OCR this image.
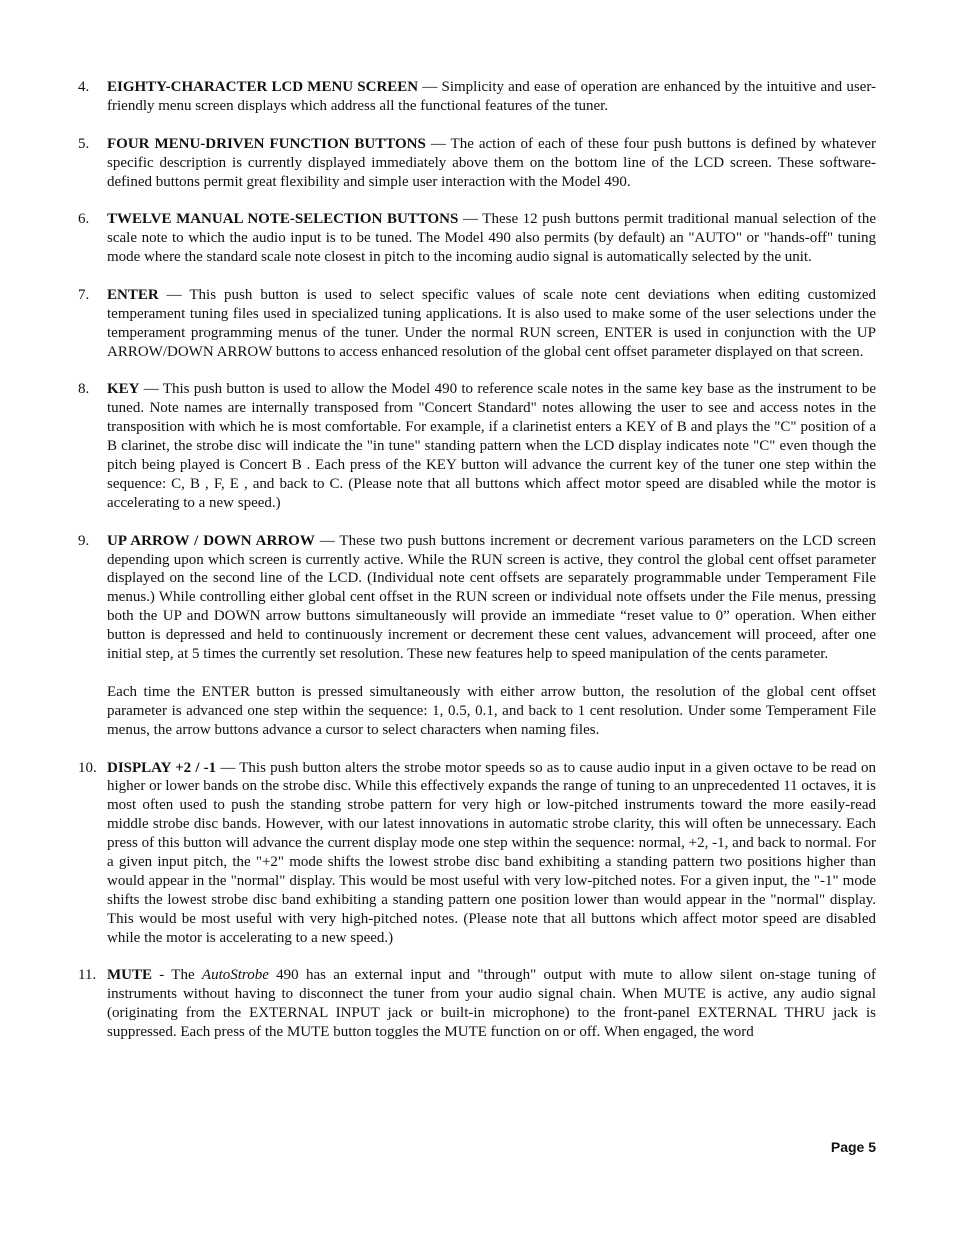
4.	EIGHTY-CHARACTER LCD MENU SCREEN — Simplicity and ease of operation are enhanced by the intuitive and user-friendly menu screen displays which address all the functional features of the tuner.

5.	FOUR MENU-DRIVEN FUNCTION BUTTONS — The action of each of these four push buttons is defined by whatever specific description is currently displayed immediately above them on the bottom line of the LCD screen. These software-defined buttons permit great flexibility and simple user interaction with the Model 490.

6.	TWELVE MANUAL NOTE-SELECTION BUTTONS — These 12 push buttons permit traditional manual selection of the scale note to which the audio input is to be tuned. The Model 490 also permits (by default) an "AUTO" or "hands-off" tuning mode where the standard scale note closest in pitch to the incoming audio signal is automatically selected by the unit.

7.	ENTER — This push button is used to select specific values of scale note cent deviations when editing customized temperament tuning files used in specialized tuning applications. It is also used to make some of the user selections under the temperament programming menus of the tuner. Under the normal RUN screen, ENTER is used in conjunction with the UP ARROW/DOWN ARROW buttons to access enhanced resolution of the global cent offset parameter displayed on that screen.

8.	KEY — This push button is used to allow the Model 490 to reference scale notes in the same key base as the instrument to be tuned. Note names are internally transposed from "Concert Standard" notes allowing the user to see and access notes in the transposition with which he is most comfortable. For example, if a clarinetist enters a KEY of B and plays the "C" position of a B clarinet, the strobe disc will indicate the "in tune" standing pattern when the LCD display indicates note "C" even though the pitch being played is Concert B . Each press of the KEY button will advance the current key of the tuner one step within the sequence: C, B , F, E , and back to C. (Please note that all buttons which affect motor speed are disabled while the motor is accelerating to a new speed.)

9.	UP ARROW / DOWN ARROW — These two push buttons increment or decrement various parameters on the LCD screen depending upon which screen is currently active. While the RUN screen is active, they control the global cent offset parameter displayed on the second line of the LCD. (Individual note cent offsets are separately programmable under Temperament File menus.) While controlling either global cent offset in the RUN screen or individual note offsets under the File menus, pressing both the UP and DOWN arrow buttons simultaneously will provide an immediate “reset value to 0” operation. When either button is depressed and held to continuously increment or decrement these cent values, advancement will proceed, after one initial step, at 5 times the currently set resolution. These new features help to speed manipulation of the cents parameter.

Each time the ENTER button is pressed simultaneously with either arrow button, the resolution of the global cent offset parameter is advanced one step within the sequence: 1, 0.5, 0.1, and back to 1 cent resolution. Under some Temperament File menus, the arrow buttons advance a cursor to select characters when naming files.

10. DISPLAY +2 / -1 — This push button alters the strobe motor speeds so as to cause audio input in a given octave to be read on higher or lower bands on the strobe disc. While this effectively expands the range of tuning to an unprecedented 11 octaves, it is most often used to push the standing strobe pattern for very high or low-pitched instruments toward the more easily-read middle strobe disc bands. However, with our latest innovations in automatic strobe clarity, this will often be unnecessary. Each press of this button will advance the current display mode one step within the sequence: normal, +2, -1, and back to normal. For a given input pitch, the "+2" mode shifts the lowest strobe disc band exhibiting a standing pattern two positions higher than would appear in the "normal" display. This would be most useful with very low-pitched notes. For a given input, the "-1" mode shifts the lowest strobe disc band exhibiting a standing pattern one position lower than would appear in the "normal" display. This would be most useful with very high-pitched notes. (Please note that all buttons which affect motor speed are disabled while the motor is accelerating to a new speed.)

11. MUTE - The AutoStrobe 490 has an external input and "through" output with mute to allow silent on-stage tuning of instruments without having to disconnect the tuner from your audio signal chain. When MUTE is active, any audio signal (originating from the EXTERNAL INPUT jack or built-in microphone) to the front-panel EXTERNAL THRU jack is suppressed. Each press of the MUTE button toggles the MUTE function on or off. When engaged, the word

Page 5
